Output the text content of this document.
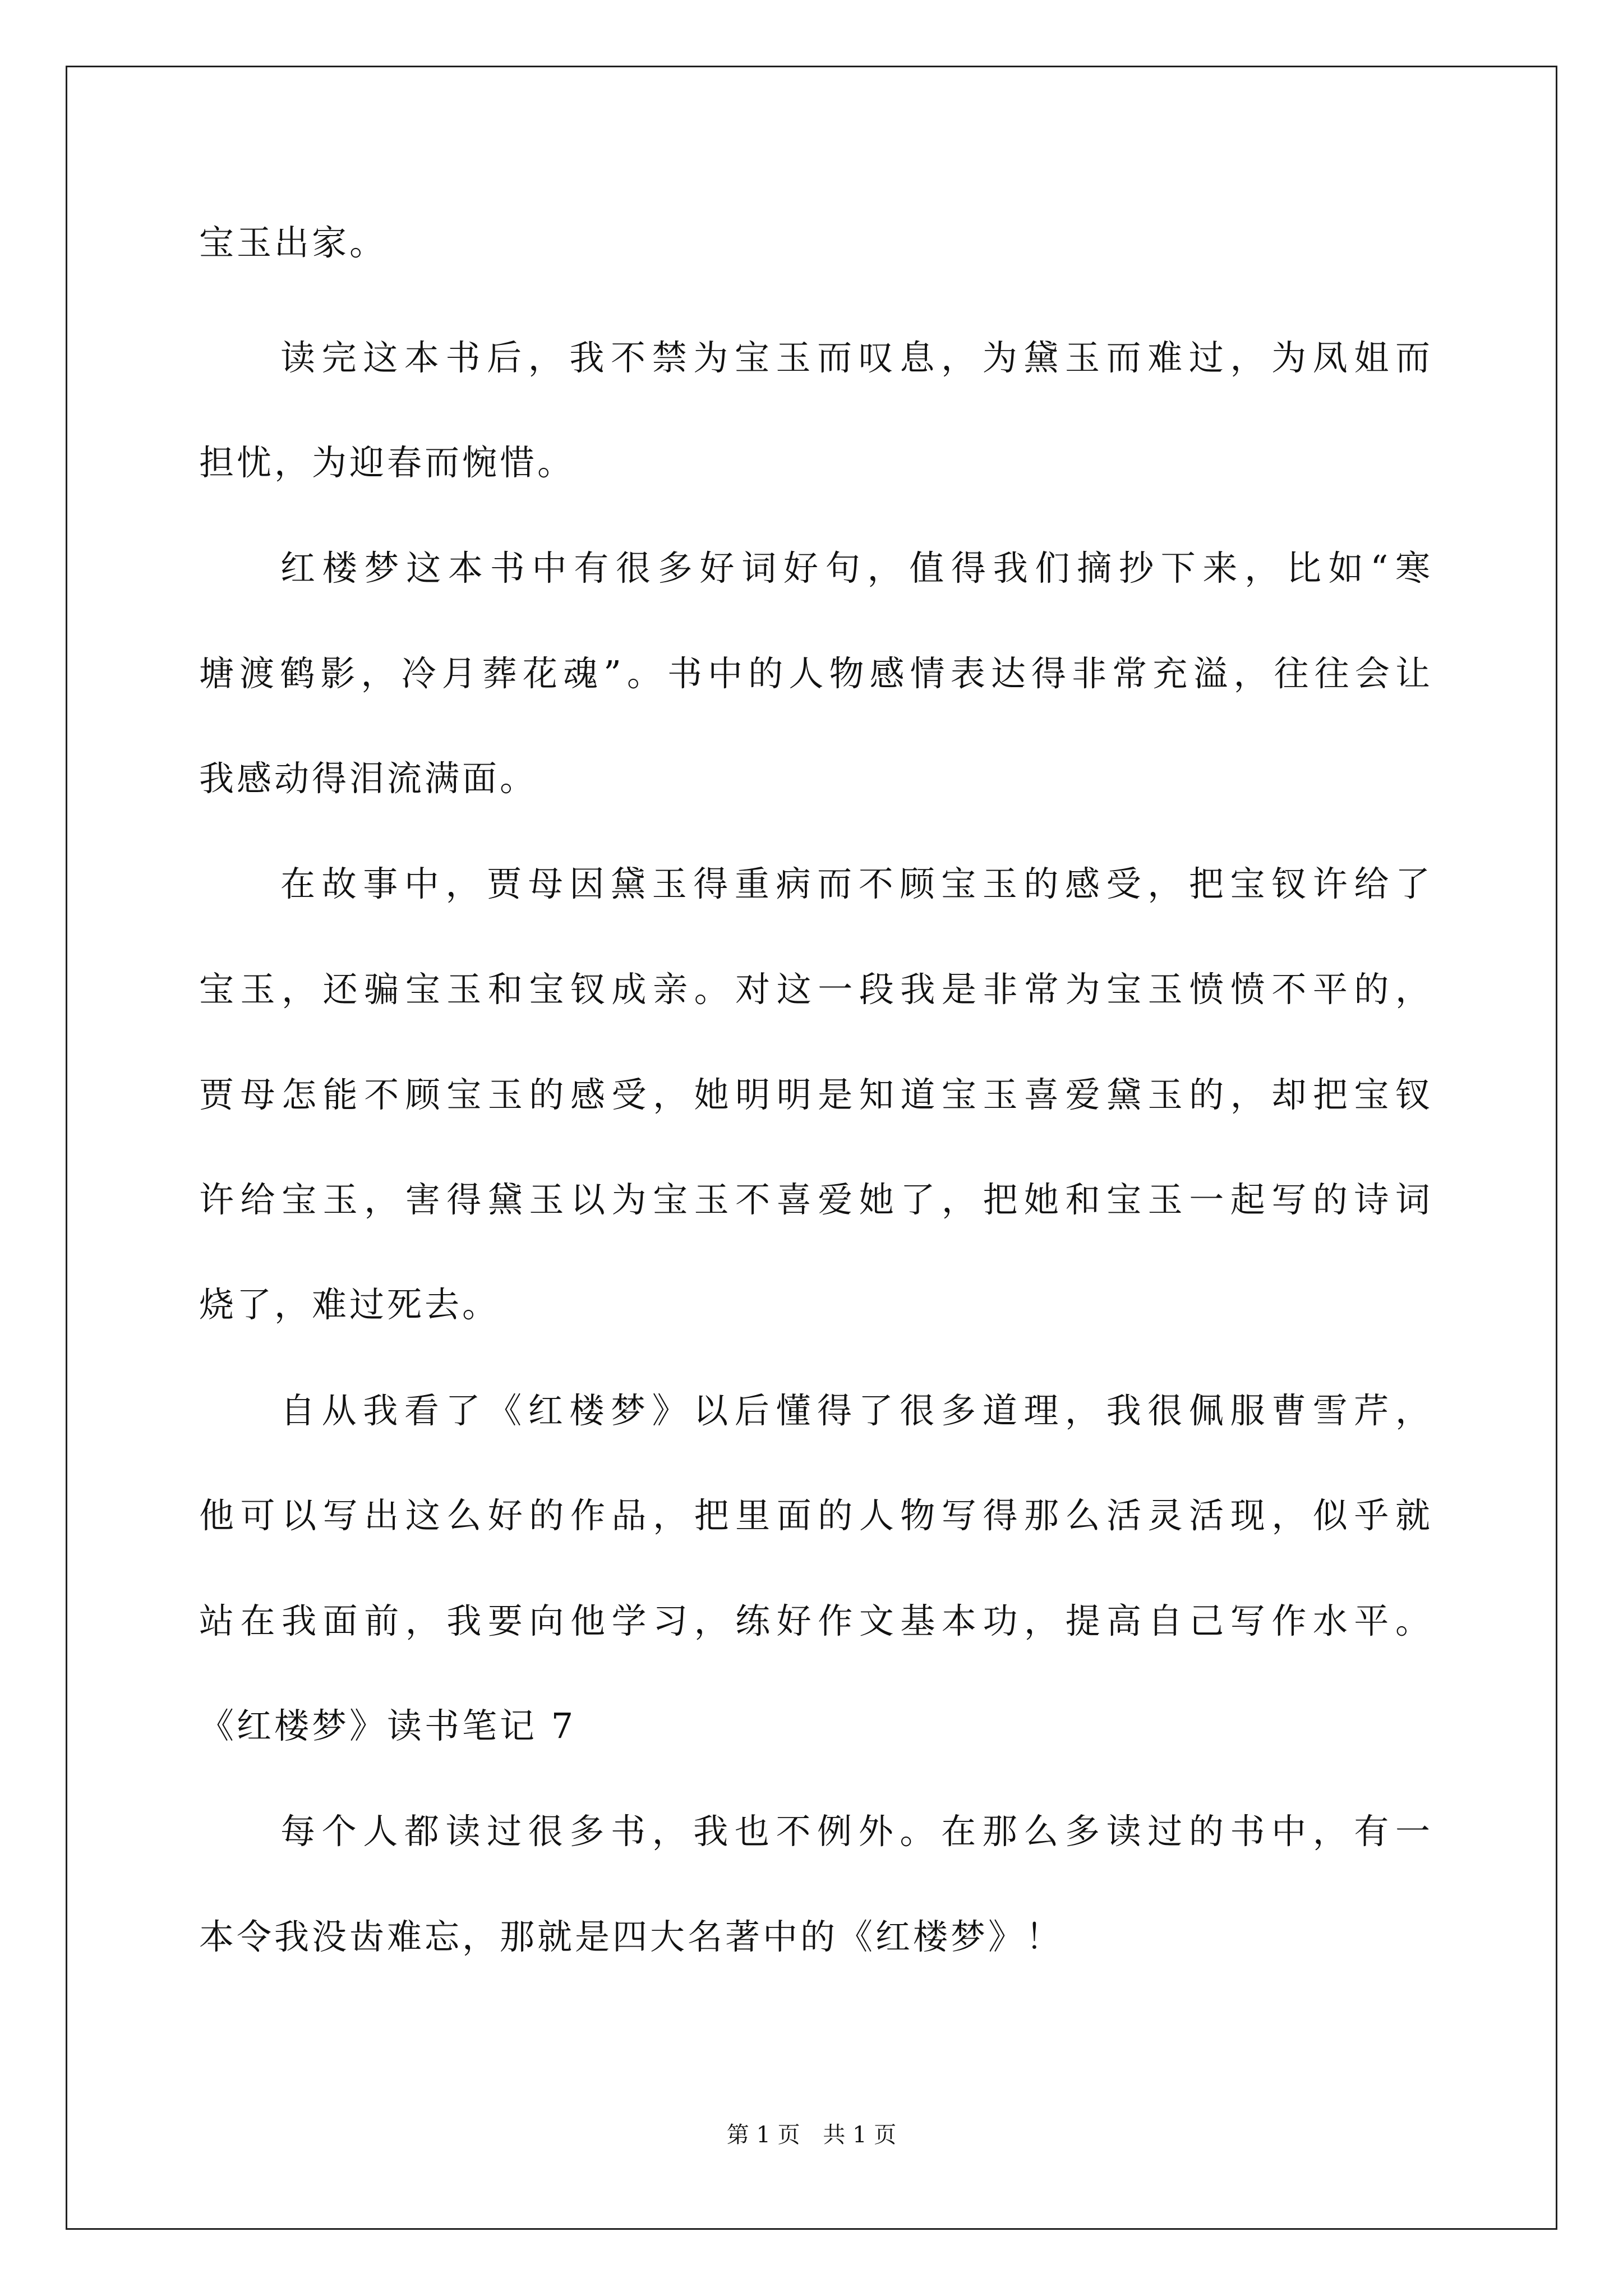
宝玉出家。
读完这本书后，我不禁为宝玉而叹息，为黛玉而难过，为凤姐而
担忧，为迎春而惋惜。
红楼梦这本书中有很多好词好句，值得我们摘抄下来，比如“寒
塘渡鹤影，冷月葬花魂”。书中的人物感情表达得非常充溢，往往会让
我感动得泪流满面。
在故事中，贾母因黛玉得重病而不顾宝玉的感受，把宝钗许给了
宝玉，还骗宝玉和宝钗成亲。对这一段我是非常为宝玉愤愤不平的，
贾母怎能不顾宝玉的感受，她明明是知道宝玉喜爱黛玉的，却把宝钗
许给宝玉，害得黛玉以为宝玉不喜爱她了，把她和宝玉一起写的诗词
烧了，难过死去。
自从我看了《红楼梦》以后懂得了很多道理，我很佩服曹雪芹，
他可以写出这么好的作品，把里面的人物写得那么活灵活现，似乎就
站在我面前，我要向他学习，练好作文基本功，提高自己写作水平。
《红楼梦》读书笔记 7
每个人都读过很多书，我也不例外。在那么多读过的书中，有一
本令我没齿难忘，那就是四大名著中的《红楼梦》！
第 1 页 共 1 页
